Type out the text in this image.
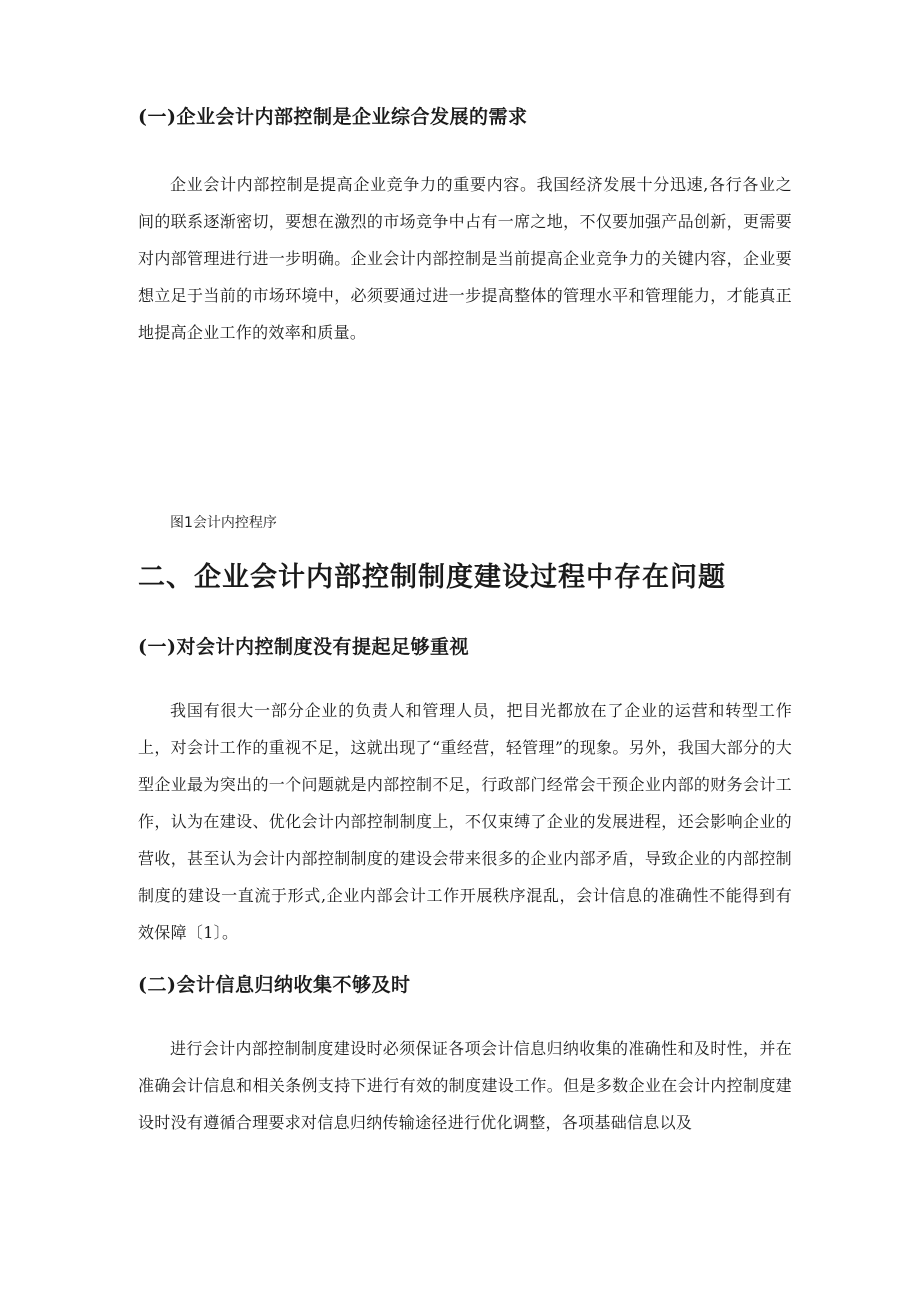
(一)企业会计内部控制是企业综合发展的需求

企业会计内部控制是提高企业竞争力的重要内容。我国经济发展十分迅速,各行各业之间的联系逐渐密切，要想在激烈的市场竞争中占有一席之地，不仅要加强产品创新，更需要对内部管理进行进一步明确。企业会计内部控制是当前提高企业竞争力的关键内容，企业要想立足于当前的市场环境中，必须要通过进一步提高整体的管理水平和管理能力，才能真正地提高企业工作的效率和质量。

图1会计内控程序
二、企业会计内部控制制度建设过程中存在问题
(一)对会计内控制度没有提起足够重视

我国有很大一部分企业的负责人和管理人员，把目光都放在了企业的运营和转型工作上，对会计工作的重视不足，这就出现了“重经营，轻管理”的现象。另外，我国大部分的大型企业最为突出的一个问题就是内部控制不足，行政部门经常会干预企业内部的财务会计工作，认为在建设、优化会计内部控制制度上，不仅束缚了企业的发展进程，还会影响企业的营收，甚至认为会计内部控制制度的建设会带来很多的企业内部矛盾，导致企业的内部控制制度的建设一直流于形式,企业内部会计工作开展秩序混乱，会计信息的准确性不能得到有效保障〔1〕。

(二)会计信息归纳收集不够及时

进行会计内部控制制度建设时必须保证各项会计信息归纳收集的准确性和及时性，并在准确会计信息和相关条例支持下进行有效的制度建设工作。但是多数企业在会计内控制度建设时没有遵循合理要求对信息归纳传输途径进行优化调整，各项基础信息以及
